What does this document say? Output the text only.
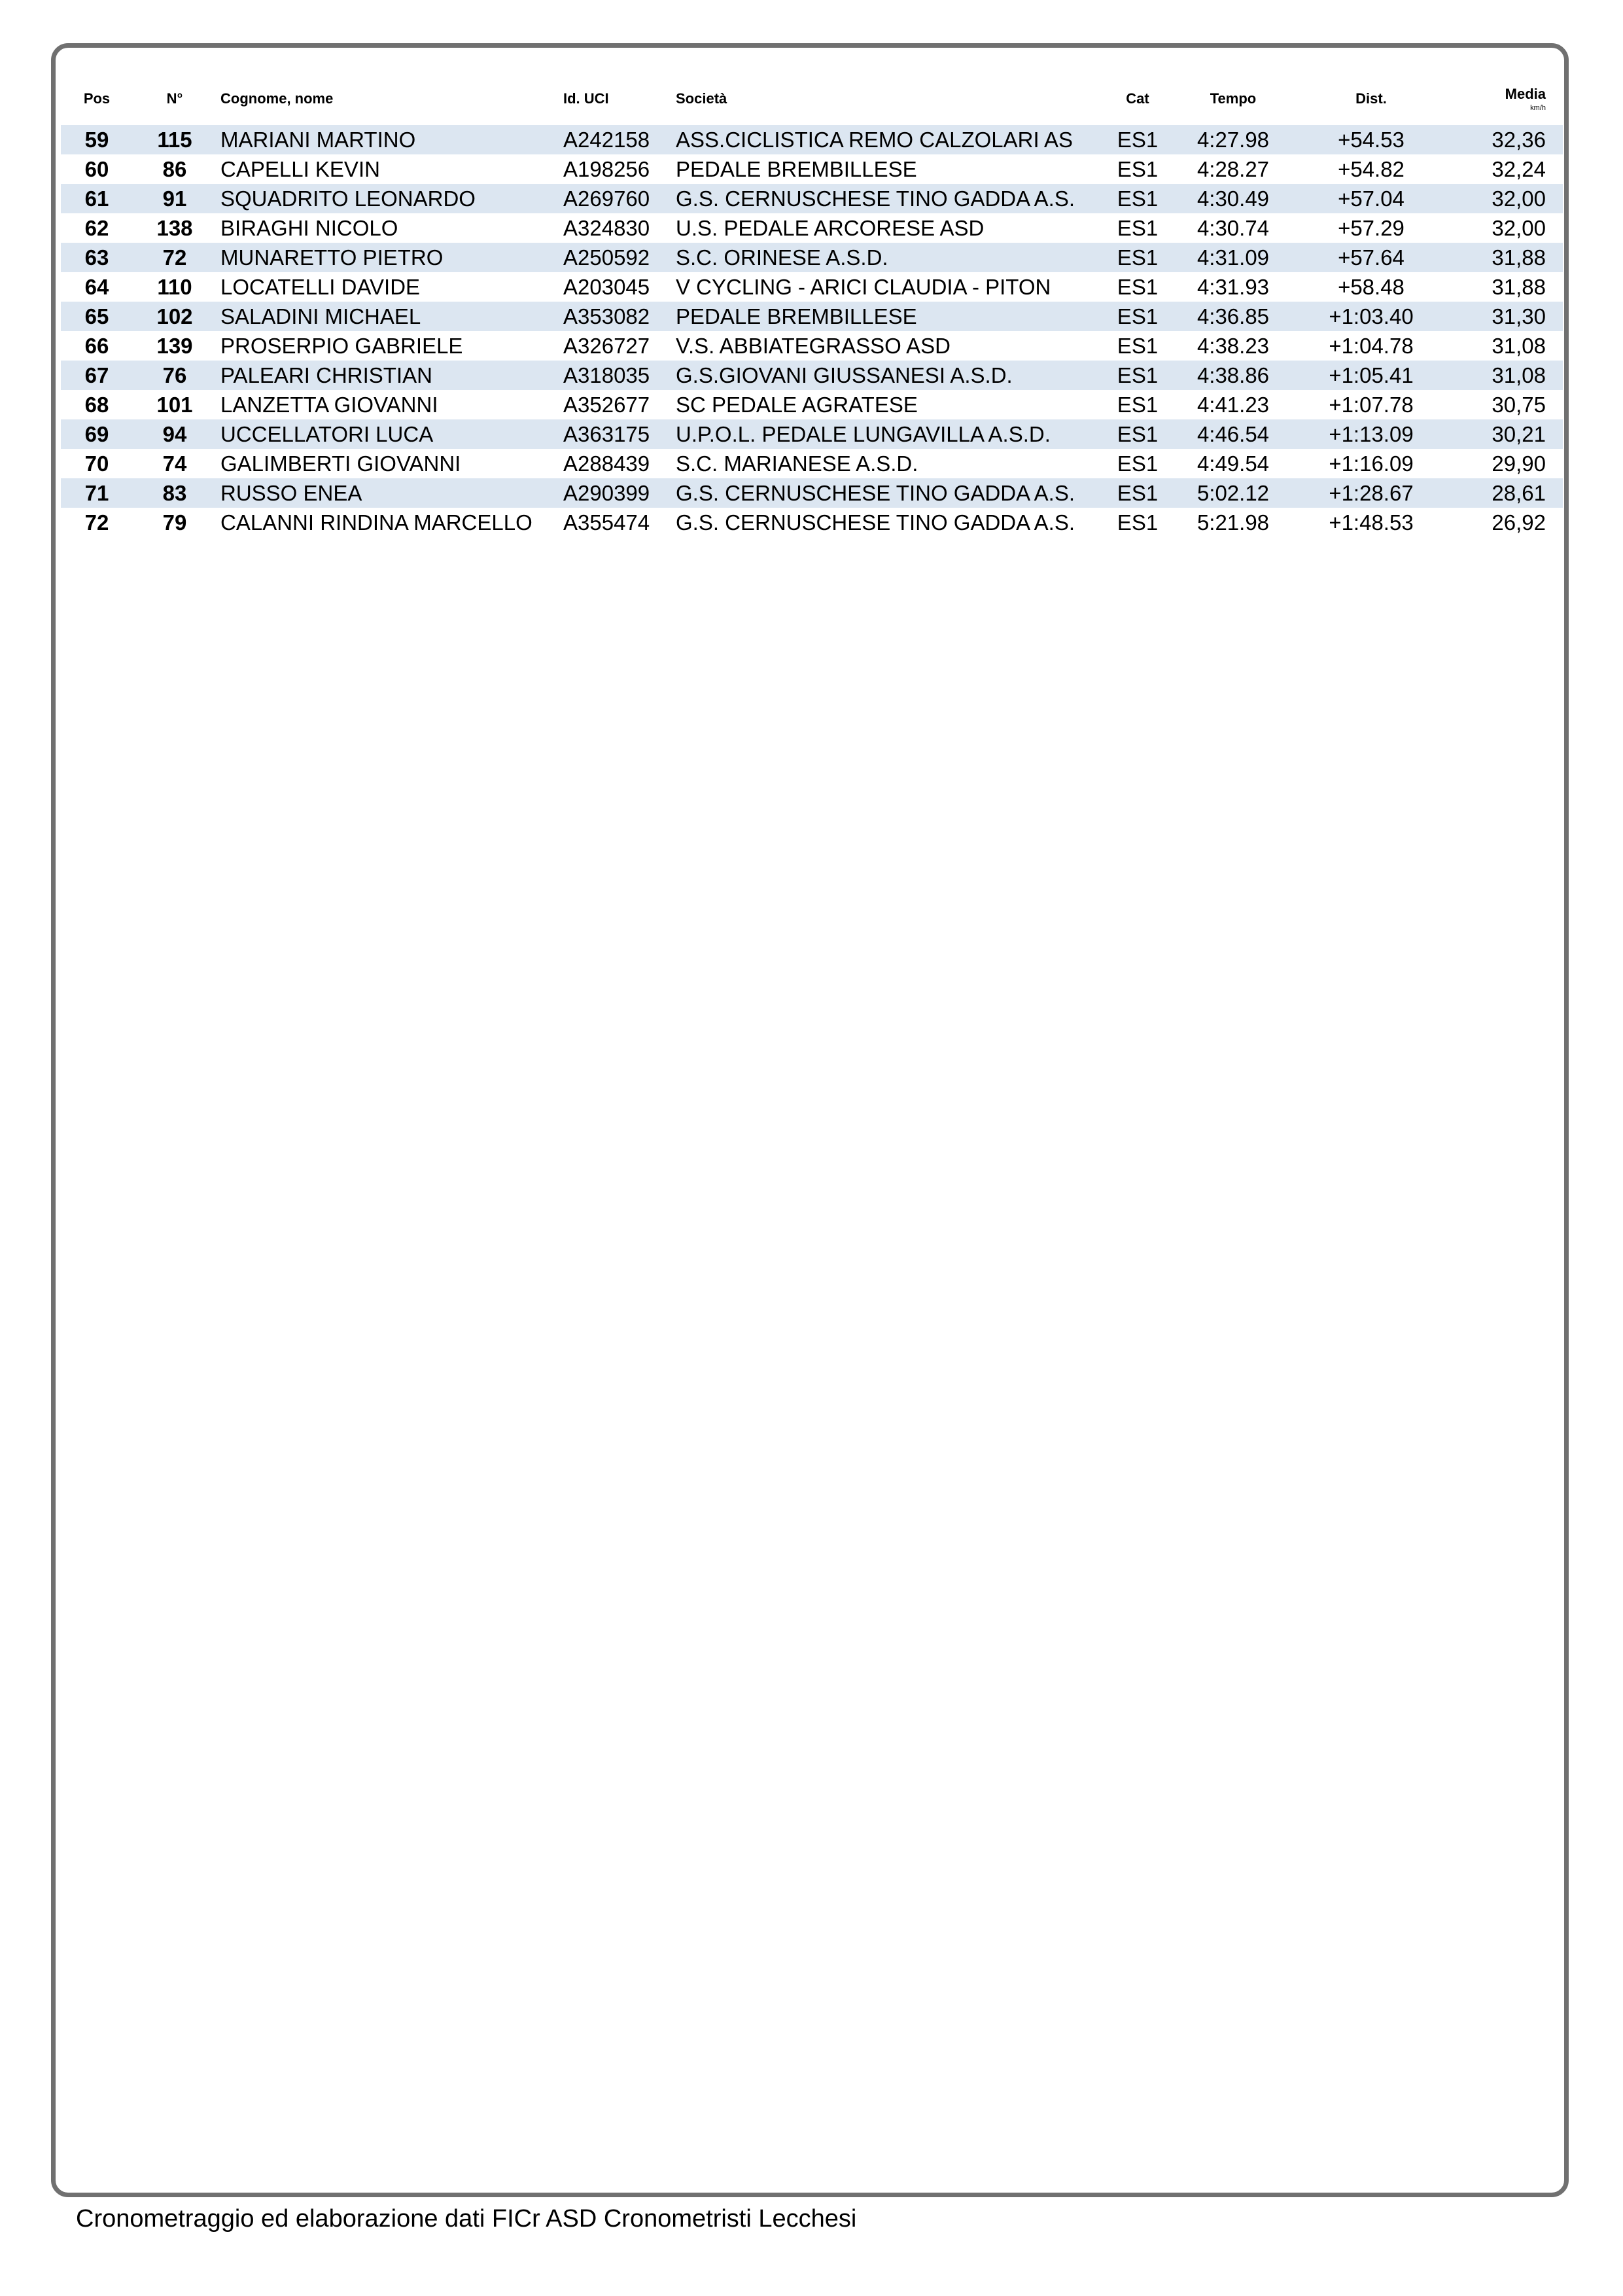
Pos	N°	Cognome, nome	Id. UCI	Società	Cat	Tempo	Dist.	Media
km/h

59	115	MARIANI MARTINO	A242158	ASS.CICLISTICA REMO CALZOLARI AS	ES1	4:27.98	+54.53	32,36
60	86	CAPELLI KEVIN	A198256	PEDALE BREMBILLESE	ES1	4:28.27	+54.82	32,24
61	91	SQUADRITO LEONARDO	A269760	G.S. CERNUSCHESE TINO GADDA A.S.	ES1	4:30.49	+57.04	32,00
62	138	BIRAGHI NICOLO	A324830	U.S. PEDALE ARCORESE ASD	ES1	4:30.74	+57.29	32,00
63	72	MUNARETTO PIETRO	A250592	S.C. ORINESE A.S.D.	ES1	4:31.09	+57.64	31,88
64	110	LOCATELLI DAVIDE	A203045	V CYCLING - ARICI CLAUDIA - PITON	ES1	4:31.93	+58.48	31,88
65	102	SALADINI MICHAEL	A353082	PEDALE BREMBILLESE	ES1	4:36.85	+1:03.40	31,30
66	139	PROSERPIO GABRIELE	A326727	V.S. ABBIATEGRASSO ASD	ES1	4:38.23	+1:04.78	31,08
67	76	PALEARI CHRISTIAN	A318035	G.S.GIOVANI GIUSSANESI A.S.D.	ES1	4:38.86	+1:05.41	31,08
68	101	LANZETTA GIOVANNI	A352677	SC PEDALE AGRATESE	ES1	4:41.23	+1:07.78	30,75
69	94	UCCELLATORI LUCA	A363175	U.P.O.L. PEDALE LUNGAVILLA A.S.D.	ES1	4:46.54	+1:13.09	30,21
70	74	GALIMBERTI GIOVANNI	A288439	S.C. MARIANESE A.S.D.	ES1	4:49.54	+1:16.09	29,90
71	83	RUSSO ENEA	A290399	G.S. CERNUSCHESE TINO GADDA A.S.	ES1	5:02.12	+1:28.67	28,61
72	79	CALANNI RINDINA MARCELLO	A355474	G.S. CERNUSCHESE TINO GADDA A.S.	ES1	5:21.98	+1:48.53	26,92
Cronometraggio ed elaborazione dati FICr ASD Cronometristi Lecchesi
